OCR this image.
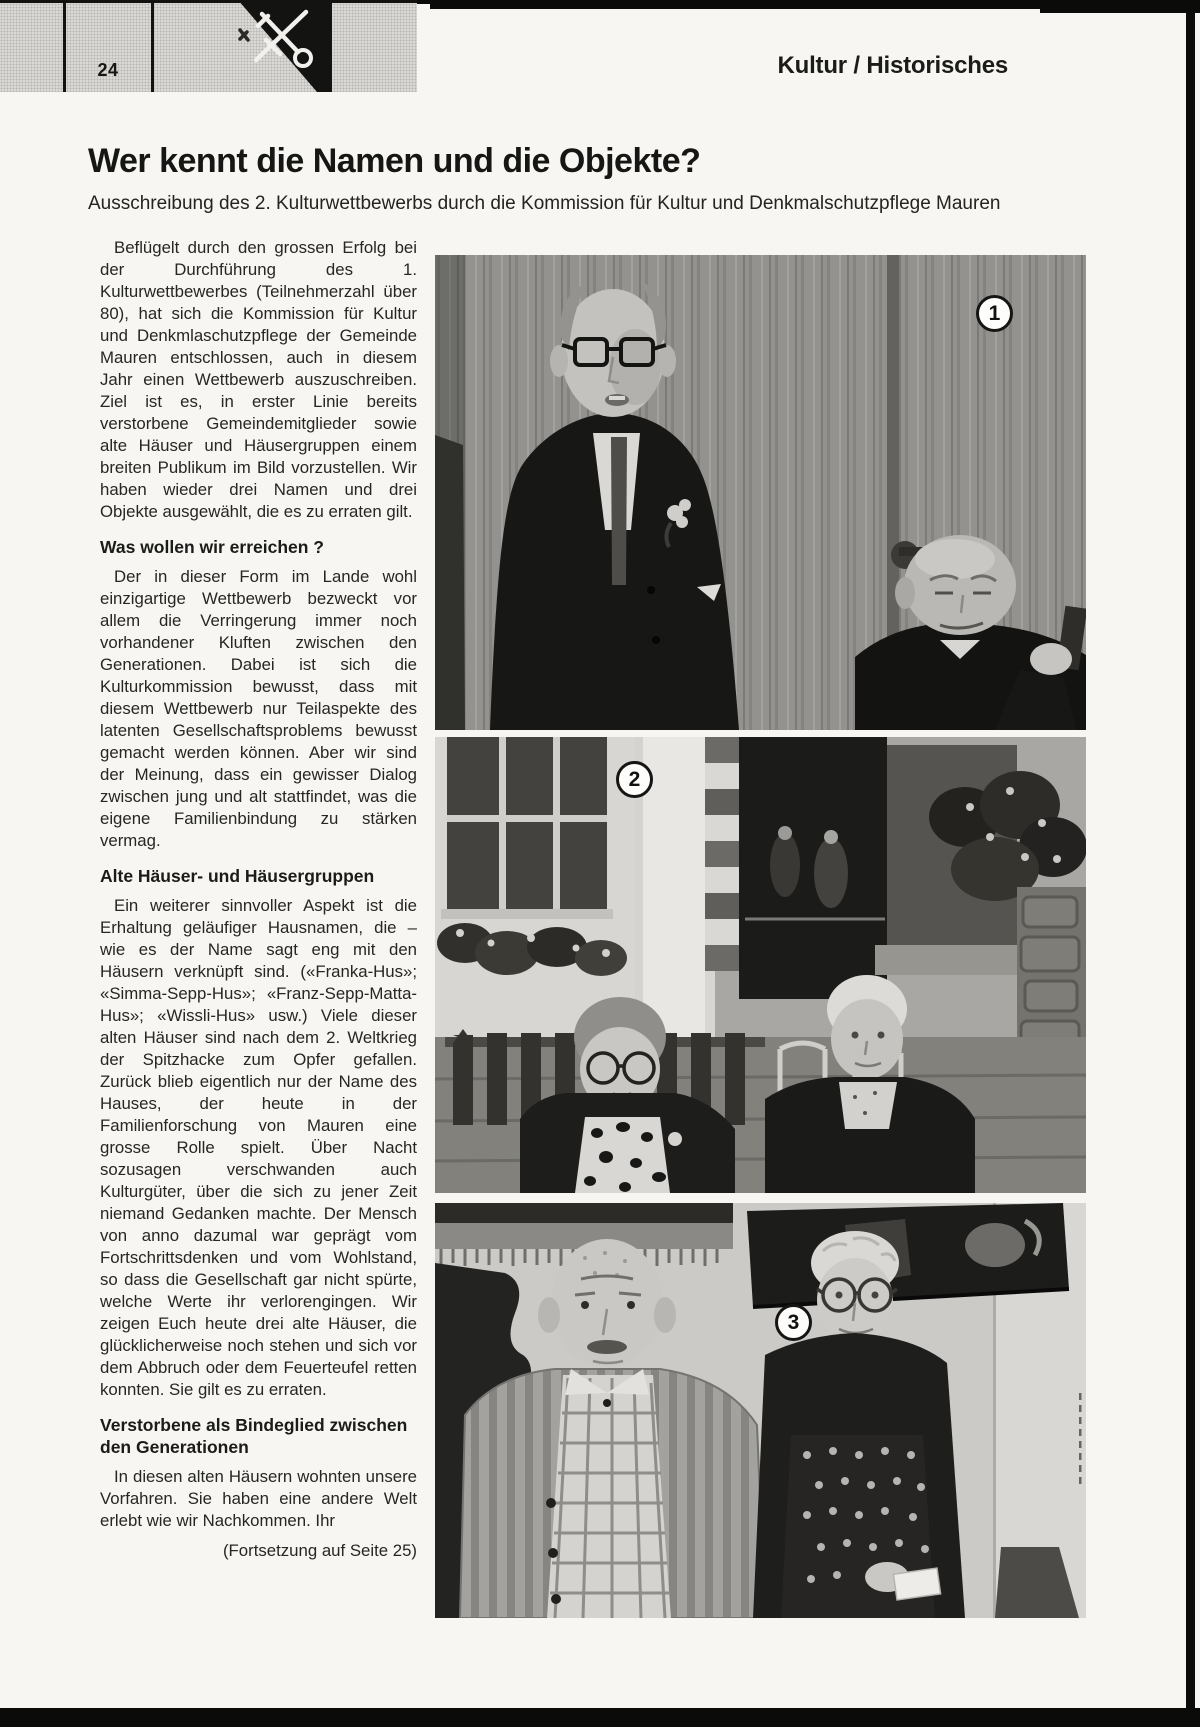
24	Kultur / Historisches
Wer kennt die Namen und die Objekte?
Ausschreibung des 2. Kulturwettbewerbs durch die Kommission für Kultur und Denkmalschutzpflege Mauren

Beflügelt durch den grossen Erfolg bei der Durchführung des 1. Kulturwettbewerbes (Teilnehmerzahl über 80), hat sich die Kommission für Kultur und Denkmlaschutzpflege der Gemeinde Mauren entschlossen, auch in diesem Jahr einen Wettbewerb auszuschreiben. Ziel ist es, in erster Linie bereits verstorbene Gemeindemitglieder sowie alte Häuser und Häusergruppen einem breiten Publikum im Bild vorzustellen. Wir haben wieder drei Namen und drei Objekte ausgewählt, die es zu erraten gilt.

Was wollen wir erreichen ?

Der in dieser Form im Lande wohl einzigartige Wettbewerb bezweckt vor allem die Verringerung immer noch vorhandener Kluften zwischen den Generationen. Dabei ist sich die Kulturkommission bewusst, dass mit diesem Wettbewerb nur Teilaspekte des latenten Gesellschaftsproblems bewusst gemacht werden können. Aber wir sind der Meinung, dass ein gewisser Dialog zwischen jung und alt stattfindet, was die eigene Familienbindung zu stärken vermag.

Alte Häuser- und Häusergruppen

Ein weiterer sinnvoller Aspekt ist die Erhaltung geläufiger Hausnamen, die – wie es der Name sagt eng mit den Häusern verknüpft sind. («Franka-Hus»; «Simma-Sepp-Hus»; «Franz-Sepp-Matta-Hus»; «Wissli-Hus» usw.) Viele dieser alten Häuser sind nach dem 2. Weltkrieg der Spitzhacke zum Opfer gefallen. Zurück blieb eigentlich nur der Name des Hauses, der heute in der Familienforschung von Mauren eine grosse Rolle spielt. Über Nacht sozusagen verschwanden auch Kulturgüter, über die sich zu jener Zeit niemand Gedanken machte. Der Mensch von anno dazumal war geprägt vom Fortschrittsdenken und vom Wohlstand, so dass die Gesellschaft gar nicht spürte, welche Werte ihr verlorengingen. Wir zeigen Euch heute drei alte Häuser, die glücklicherweise noch stehen und sich vor dem Abbruch oder dem Feuerteufel retten konnten. Sie gilt es zu erraten.

Verstorbene als Bindeglied zwischen den Generationen

In diesen alten Häusern wohnten unsere Vorfahren. Sie haben eine andere Welt erlebt wie wir Nachkommen. Ihr

(Fortsetzung auf Seite 25)

1
2
3
